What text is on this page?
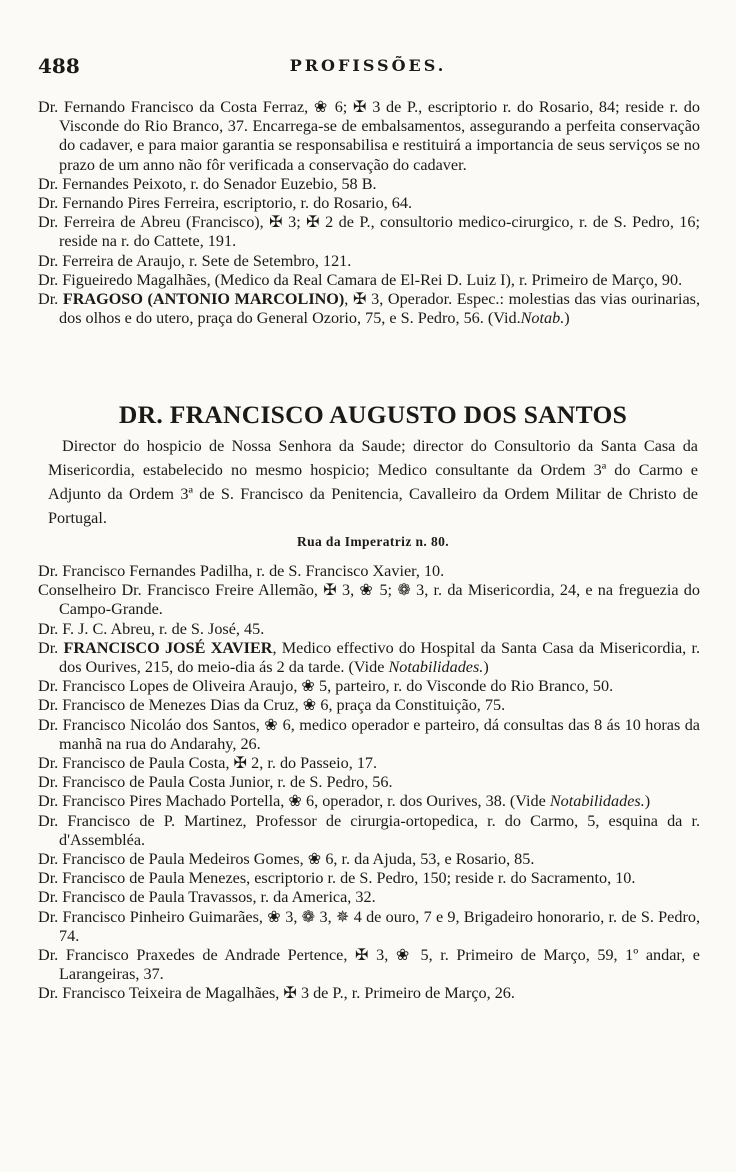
488	PROFISSÕES.

Dr. Fernando Francisco da Costa Ferraz, ❀ 6; ✠ 3 de P., escriptorio r. do Rosario, 84; reside r. do Visconde do Rio Branco, 37. Encarrega-se de embalsamentos, assegurando a perfeita conservação do cadaver, e para maior garantia se responsabilisa e restituirá a importancia de seus serviços se no prazo de um anno não fôr verificada a conservação do cadaver.

Dr. Fernandes Peixoto, r. do Senador Euzebio, 58 B.

Dr. Fernando Pires Ferreira, escriptorio, r. do Rosario, 64.

Dr. Ferreira de Abreu (Francisco), ✠ 3; ✠ 2 de P., consultorio medico-cirurgico, r. de S. Pedro, 16; reside na r. do Cattete, 191.

Dr. Ferreira de Araujo, r. Sete de Setembro, 121.

Dr. Figueiredo Magalhães, (Medico da Real Camara de El-Rei D. Luiz I), r. Primeiro de Março, 90.

Dr. FRAGOSO (ANTONIO MARCOLINO), ✠ 3, Operador. Espec.: molestias das vias ourinarias, dos olhos e do utero, praça do General Ozorio, 75, e S. Pedro, 56. (Vid.Notab.)

DR. FRANCISCO AUGUSTO DOS SANTOS

Director do hospicio de Nossa Senhora da Saude; director do Consultorio da Santa Casa da Misericordia, estabelecido no mesmo hospicio; Medico consultante da Ordem 3ª do Carmo e Adjunto da Ordem 3ª de S. Francisco da Penitencia, Cavalleiro da Ordem Militar de Christo de Portugal.

Rua da Imperatriz n. 80.

Dr. Francisco Fernandes Padilha, r. de S. Francisco Xavier, 10.

Conselheiro Dr. Francisco Freire Allemão, ✠ 3, ❀ 5; ❁ 3, r. da Misericordia, 24, e na freguezia do Campo-Grande.

Dr. F. J. C. Abreu, r. de S. José, 45.

Dr. FRANCISCO JOSÉ XAVIER, Medico effectivo do Hospital da Santa Casa da Misericordia, r. dos Ourives, 215, do meio-dia ás 2 da tarde. (Vide Notabilidades.)

Dr. Francisco Lopes de Oliveira Araujo, ❀ 5, parteiro, r. do Visconde do Rio Branco, 50.

Dr. Francisco de Menezes Dias da Cruz, ❀ 6, praça da Constituição, 75.

Dr. Francisco Nicoláo dos Santos, ❀ 6, medico operador e parteiro, dá consultas das 8 ás 10 horas da manhã na rua do Andarahy, 26.

Dr. Francisco de Paula Costa, ✠ 2, r. do Passeio, 17.

Dr. Francisco de Paula Costa Junior, r. de S. Pedro, 56.

Dr. Francisco Pires Machado Portella, ❀ 6, operador, r. dos Ourives, 38. (Vide Notabilidades.)

Dr. Francisco de P. Martinez, Professor de cirurgia-ortopedica, r. do Carmo, 5, esquina da r. d'Assembléa.

Dr. Francisco de Paula Medeiros Gomes, ❀ 6, r. da Ajuda, 53, e Rosario, 85.

Dr. Francisco de Paula Menezes, escriptorio r. de S. Pedro, 150; reside r. do Sacramento, 10.

Dr. Francisco de Paula Travassos, r. da America, 32.

Dr. Francisco Pinheiro Guimarães, ❀ 3, ❁ 3, ✵ 4 de ouro, 7 e 9, Brigadeiro honorario, r. de S. Pedro, 74.

Dr. Francisco Praxedes de Andrade Pertence, ✠ 3, ❀ 5, r. Primeiro de Março, 59, 1º andar, e Larangeiras, 37.

Dr. Francisco Teixeira de Magalhães, ✠ 3 de P., r. Primeiro de Março, 26.
